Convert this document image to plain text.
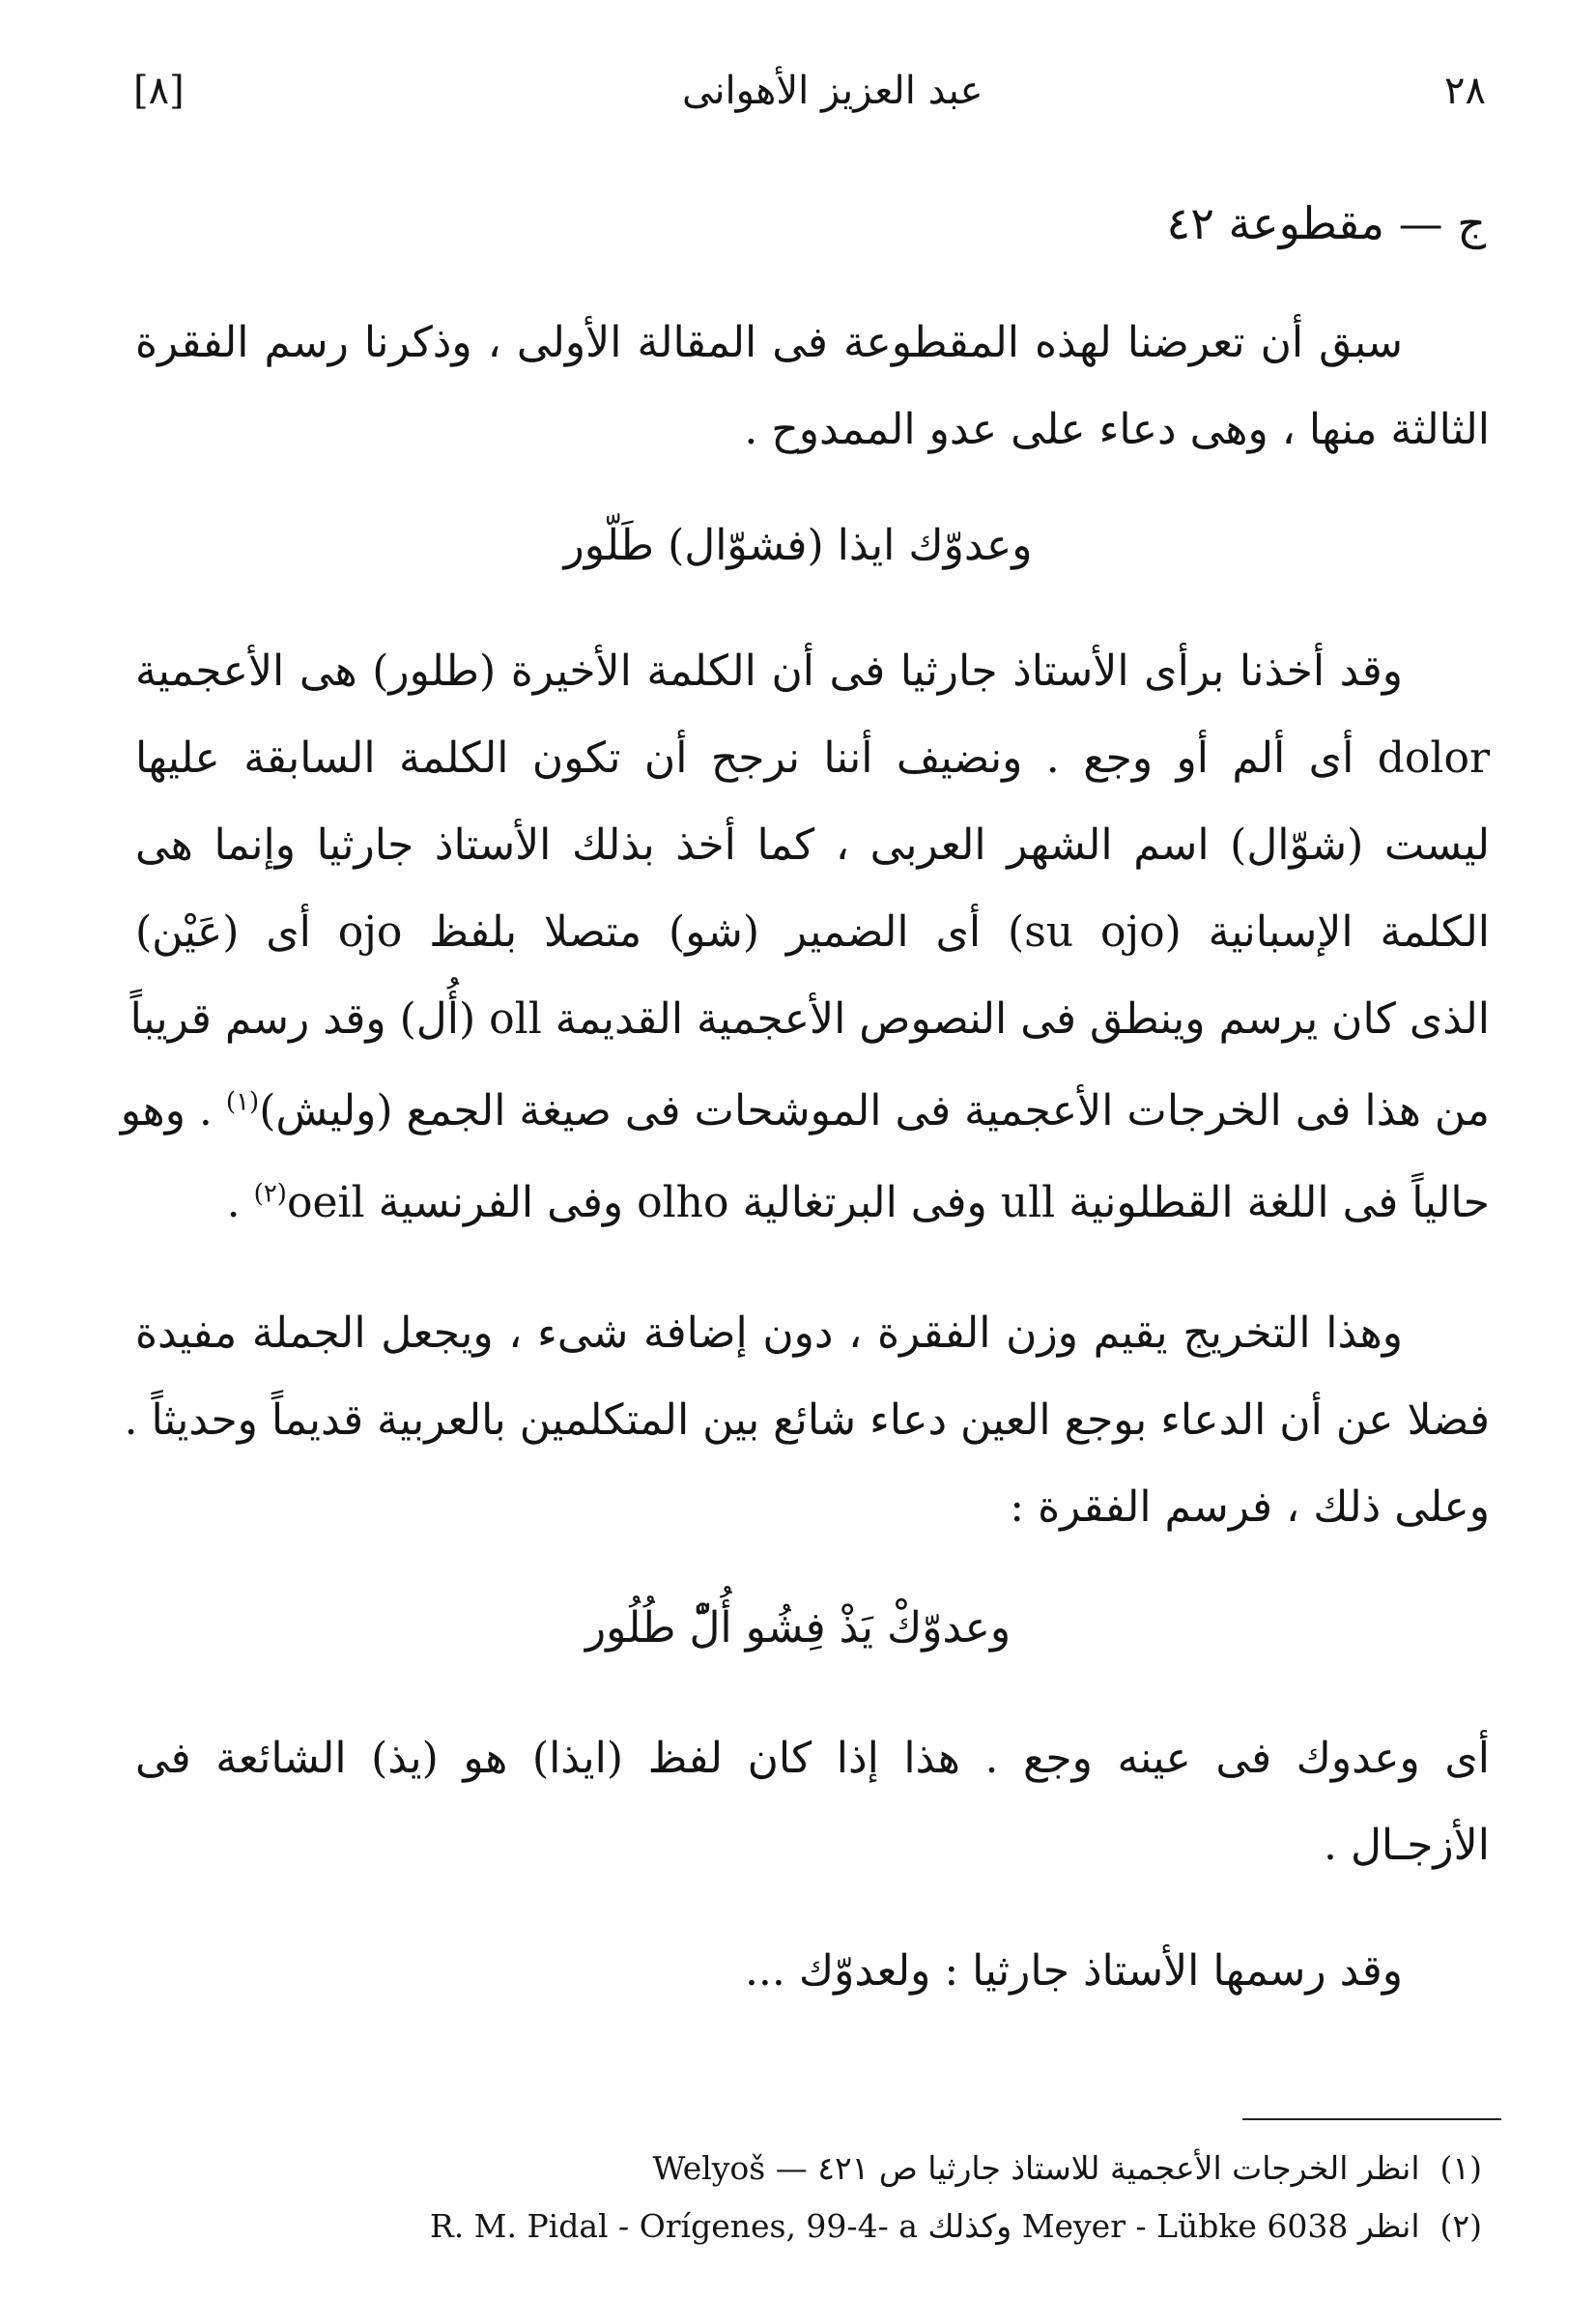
٢٨
عبد العزيز الأهوانى
[٨]
ج — مقطوعة ٤٢
سبق أن تعرضنا لهذه المقطوعة فى المقالة الأولى ، وذكرنا رسم الفقرة
الثالثة منها ، وهى دعاء على عدو الممدوح .
وعدوّك ايذا (فشوّال) طَلّور
وقد أخذنا برأى الأستاذ جارثيا فى أن الكلمة الأخيرة (طلور) هى الأعجمية
dolor أى ألم أو وجع . ونضيف أننا نرجح أن تكون الكلمة السابقة عليها
ليست (شوّال) اسم الشهر العربى ، كما أخذ بذلك الأستاذ جارثيا وإنما هى
الكلمة الإسبانية (su ojo) أى الضمير (شو) متصلا بلفظ ojo أى (عَيْن)
الذى كان يرسم وينطق فى النصوص الأعجمية القديمة oll (أُل) وقد رسم قريباً
من هذا فى الخرجات الأعجمية فى الموشحات فى صيغة الجمع (وليش)$^{(١)}$ . وهو
حالياً فى اللغة القطلونية ull وفى البرتغالية olho وفى الفرنسية oeil$^{(٢)}$ .
وهذا التخريج يقيم وزن الفقرة ، دون إضافة شىء ، ويجعل الجملة مفيدة
فضلا عن أن الدعاء بوجع العين دعاء شائع بين المتكلمين بالعربية قديماً وحديثاً .
وعلى ذلك ، فرسم الفقرة :
وعدوّكْ يَذْ فِشُو أُلّْ طُلُور
أى وعدوك فى عينه وجع . هذا إذا كان لفظ (ايذا) هو (يذ) الشائعة فى
الأزجـال .
وقد رسمها الأستاذ جارثيا : ولعدوّك ...
(١)  انظر الخرجات الأعجمية للاستاذ جارثيا ص ٤٢١ — Welyoš
(٢)  انظر Meyer - Lübke 6038 وكذلك R. M. Pidal - Orígenes, 99-4- a
